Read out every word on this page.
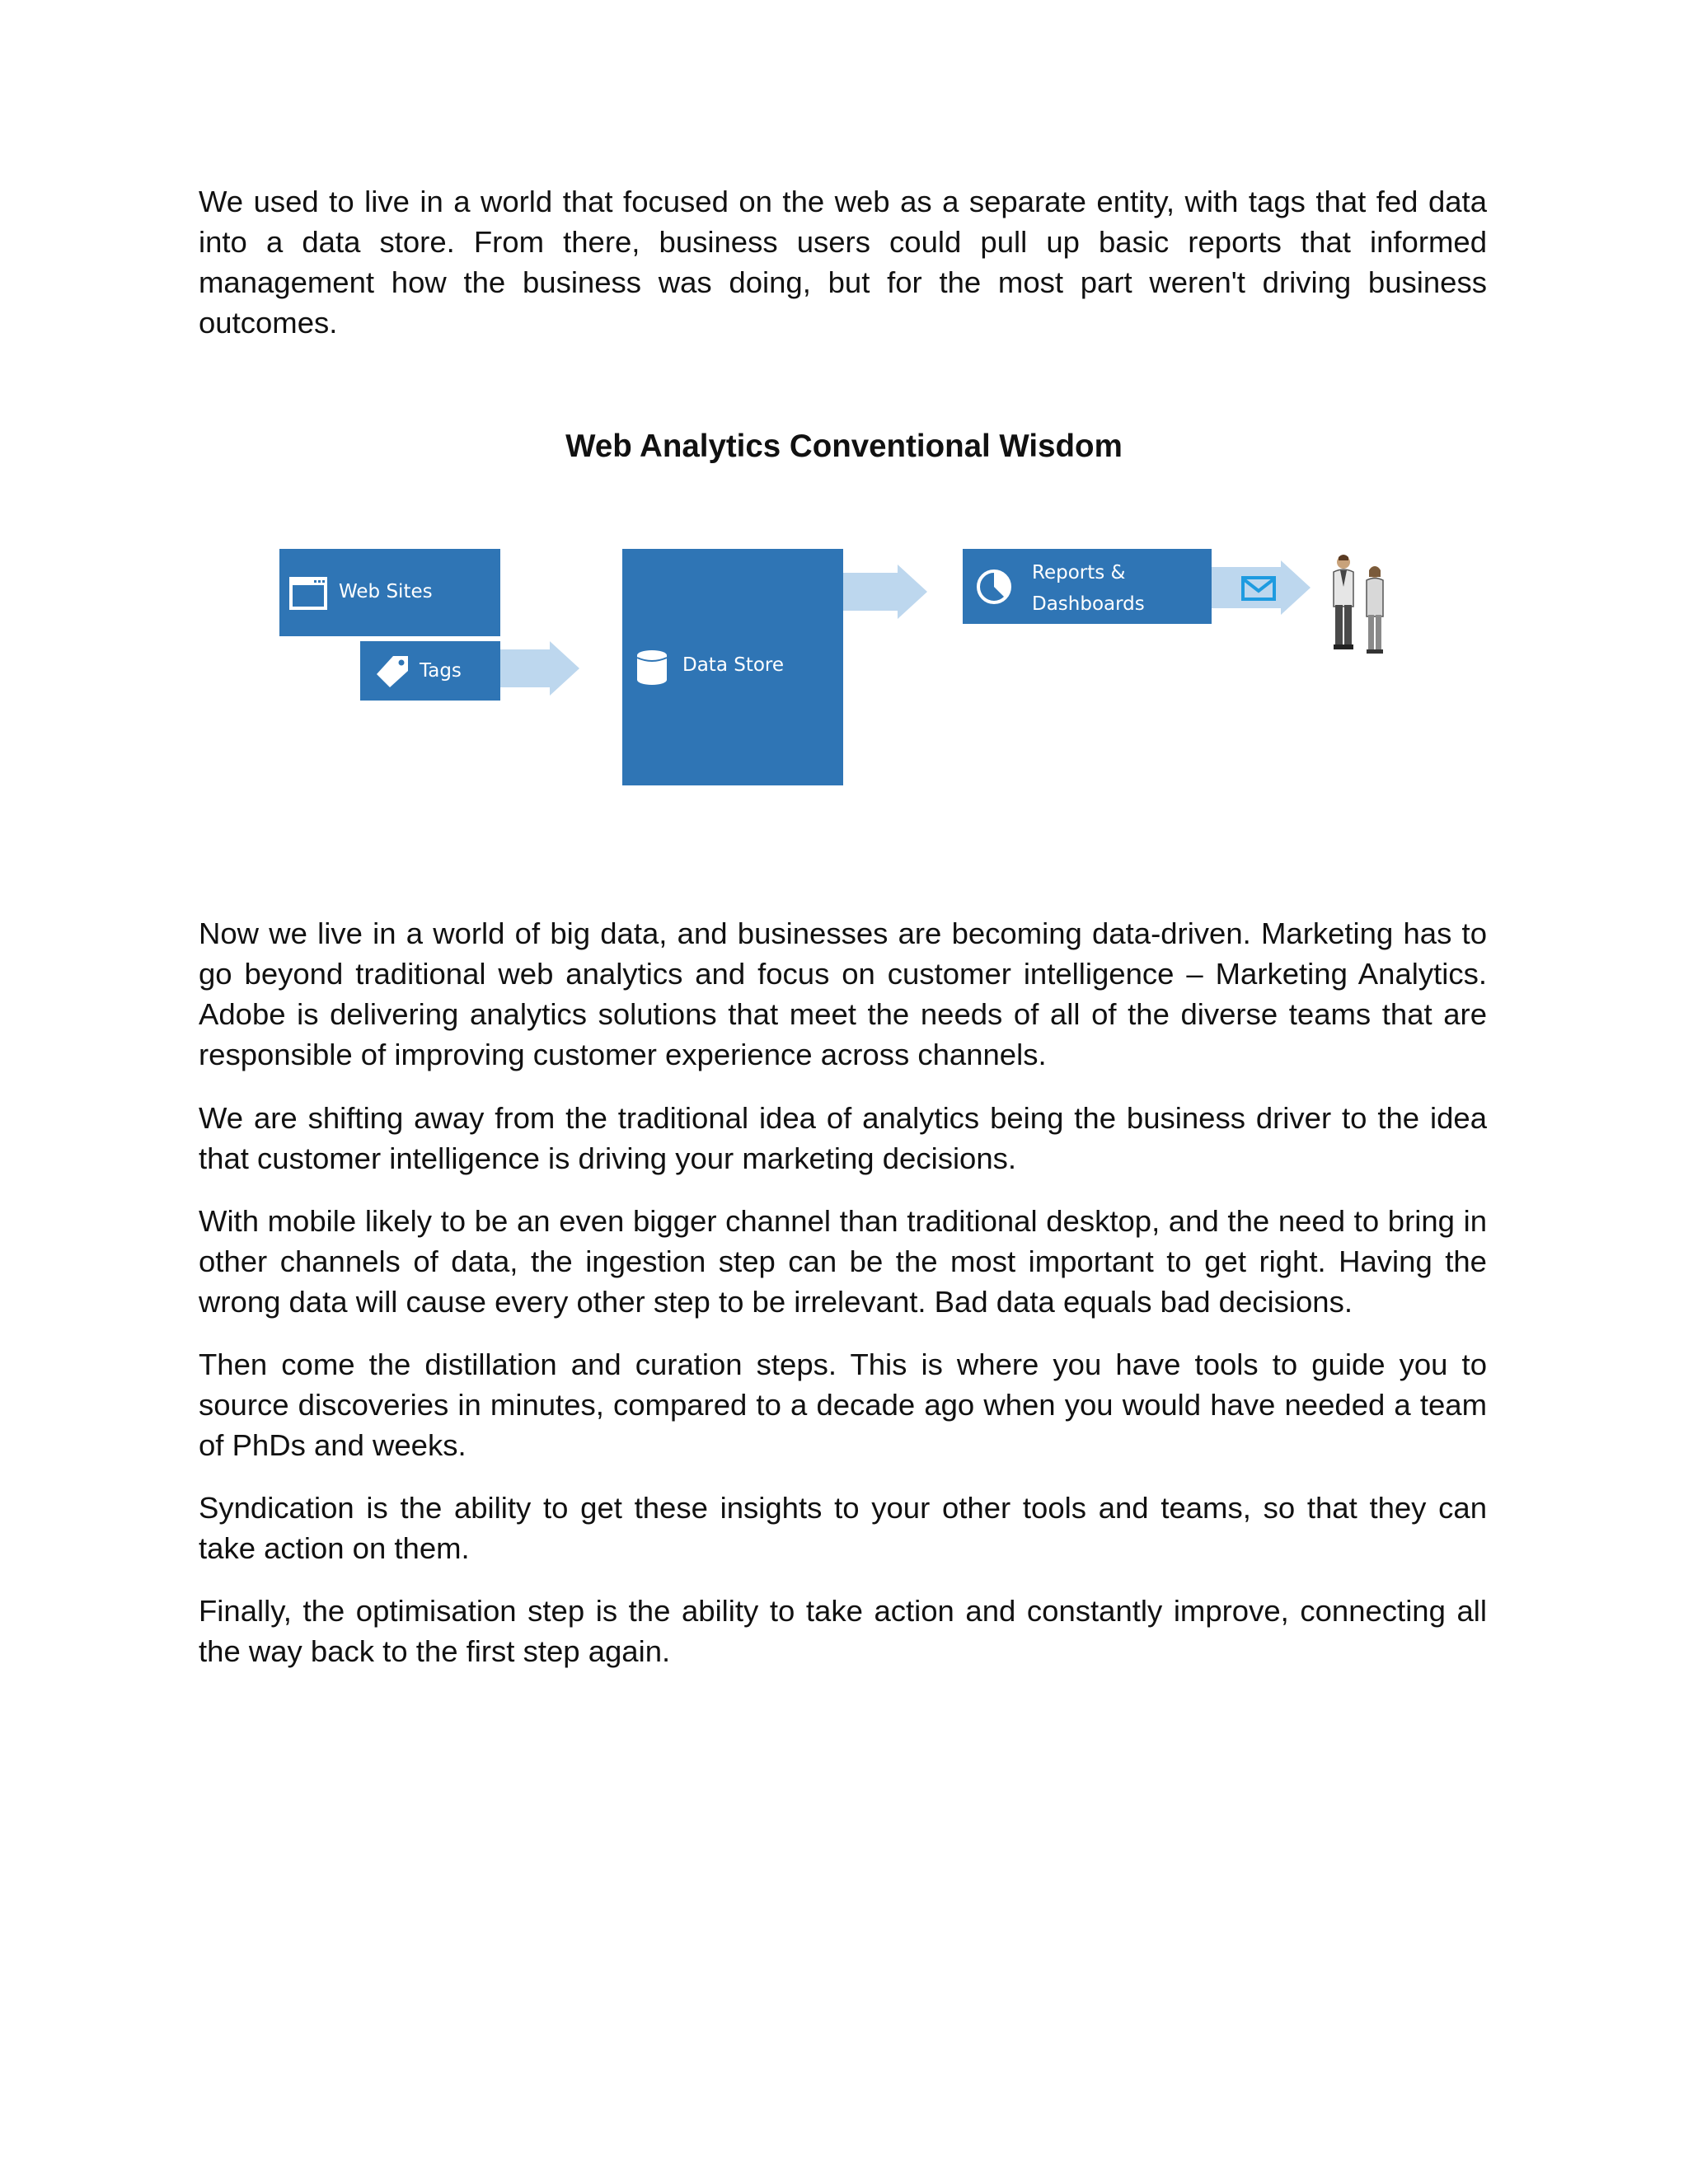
We used to live in a world that focused on the web as a separate entity, with tags that fed data into a data store. From there, business users could pull up basic reports that informed management how the business was doing, but for the most part weren't driving business outcomes.

Web Analytics Conventional Wisdom
Web Sites
Tags	Data Store
Reports & Dashboards

Now we live in a world of big data, and businesses are becoming data-driven. Marketing has to go beyond traditional web analytics and focus on customer intelligence – Marketing Analytics. Adobe is delivering analytics solutions that meet the needs of all of the diverse teams that are responsible of improving customer experience across channels.

We are shifting away from the traditional idea of analytics being the business driver to the idea that customer intelligence is driving your marketing decisions.

With mobile likely to be an even bigger channel than traditional desktop, and the need to bring in other channels of data, the ingestion step can be the most important to get right. Having the wrong data will cause every other step to be irrelevant. Bad data equals bad decisions.

Then come the distillation and curation steps. This is where you have tools to guide you to source discoveries in minutes, compared to a decade ago when you would have needed a team of PhDs and weeks.

Syndication is the ability to get these insights to your other tools and teams, so that they can take action on them.

Finally, the optimisation step is the ability to take action and constantly improve, connecting all the way back to the first step again.
